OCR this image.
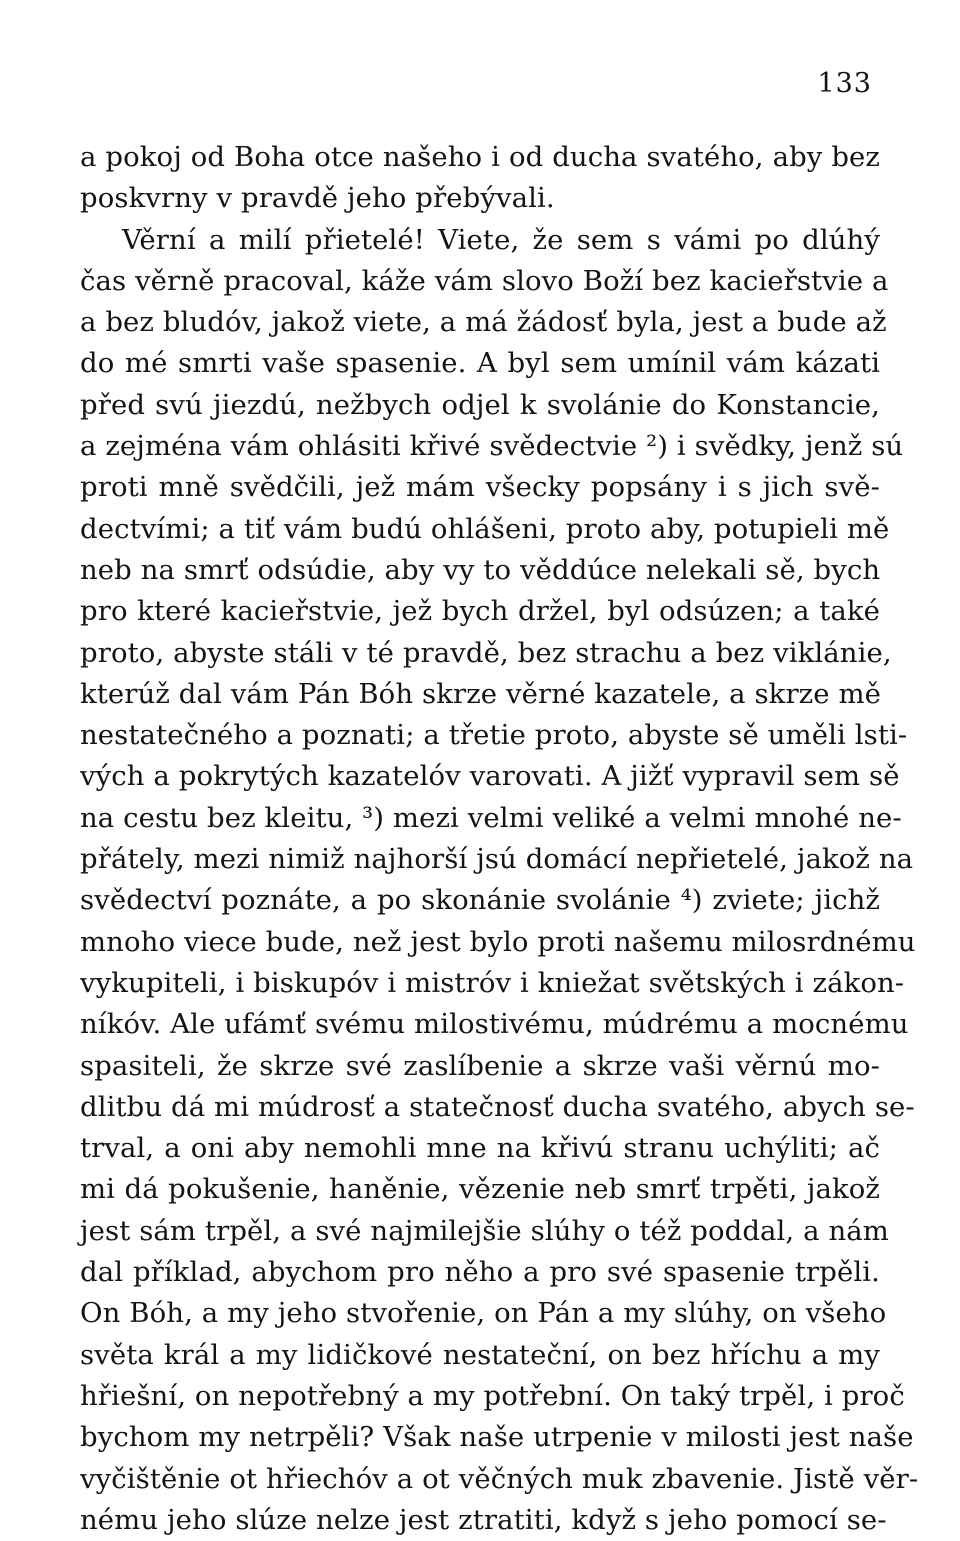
133
a pokoj od Boha otce našeho i od ducha svatého, aby bez
poskvrny v pravdě jeho přebývali.
Věrní a milí přietelé! Viete, že sem s vámi po dlúhý
čas věrně pracoval, káže vám slovo Boží bez kacieřstvie a
a bez bludóv, jakož viete, a má žádosť byla, jest a bude až
do mé smrti vaše spasenie. A byl sem umínil vám kázati
před svú jiezdú, nežbych odjel k svolánie do Konstancie,
a zejména vám ohlásiti křivé svědectvie ²) i svědky, jenž sú
proti mně svědčili, jež mám všecky popsány i s jich svě-
dectvími; a tiť vám budú ohlášeni, proto aby, potupieli mě
neb na smrť odsúdie, aby vy to věddúce nelekali sě, bych
pro které kacieřstvie, jež bych držel, byl odsúzen; a také
proto, abyste stáli v té pravdě, bez strachu a bez viklánie,
kterúž dal vám Pán Bóh skrze věrné kazatele, a skrze mě
nestatečného a poznati; a třetie proto, abyste sě uměli lsti-
vých a pokrytých kazatelóv varovati. A jižť vypravil sem sě
na cestu bez kleitu, ³) mezi velmi veliké a velmi mnohé ne-
přátely, mezi nimiž najhorší jsú domácí nepřietelé, jakož na
svědectví poznáte, a po skonánie svolánie ⁴) zviete; jichž
mnoho viece bude, než jest bylo proti našemu milosrdnému
vykupiteli, i biskupóv i mistróv i kniežat světských i zákon-
níkóv. Ale ufámť svému milostivému, múdrému a mocnému
spasiteli, že skrze své zaslíbenie a skrze vaši věrnú mo-
dlitbu dá mi múdrosť a statečnosť ducha svatého, abych se-
trval, a oni aby nemohli mne na křivú stranu uchýliti; ač
mi dá pokušenie, haněnie, vězenie neb smrť trpěti, jakož
jest sám trpěl, a své najmilejšie slúhy o též poddal, a nám
dal příklad, abychom pro něho a pro své spasenie trpěli.
On Bóh, a my jeho stvořenie, on Pán a my slúhy, on všeho
světa král a my lidičkové nestateční, on bez hříchu a my
hřiešní, on nepotřebný a my potřební. On taký trpěl, i proč
bychom my netrpěli? Však naše utrpenie v milosti jest naše
vyčištěnie ot hřiechóv a ot věčných muk zbavenie. Jistě věr-
nému jeho slúze nelze jest ztratiti, když s jeho pomocí se-
